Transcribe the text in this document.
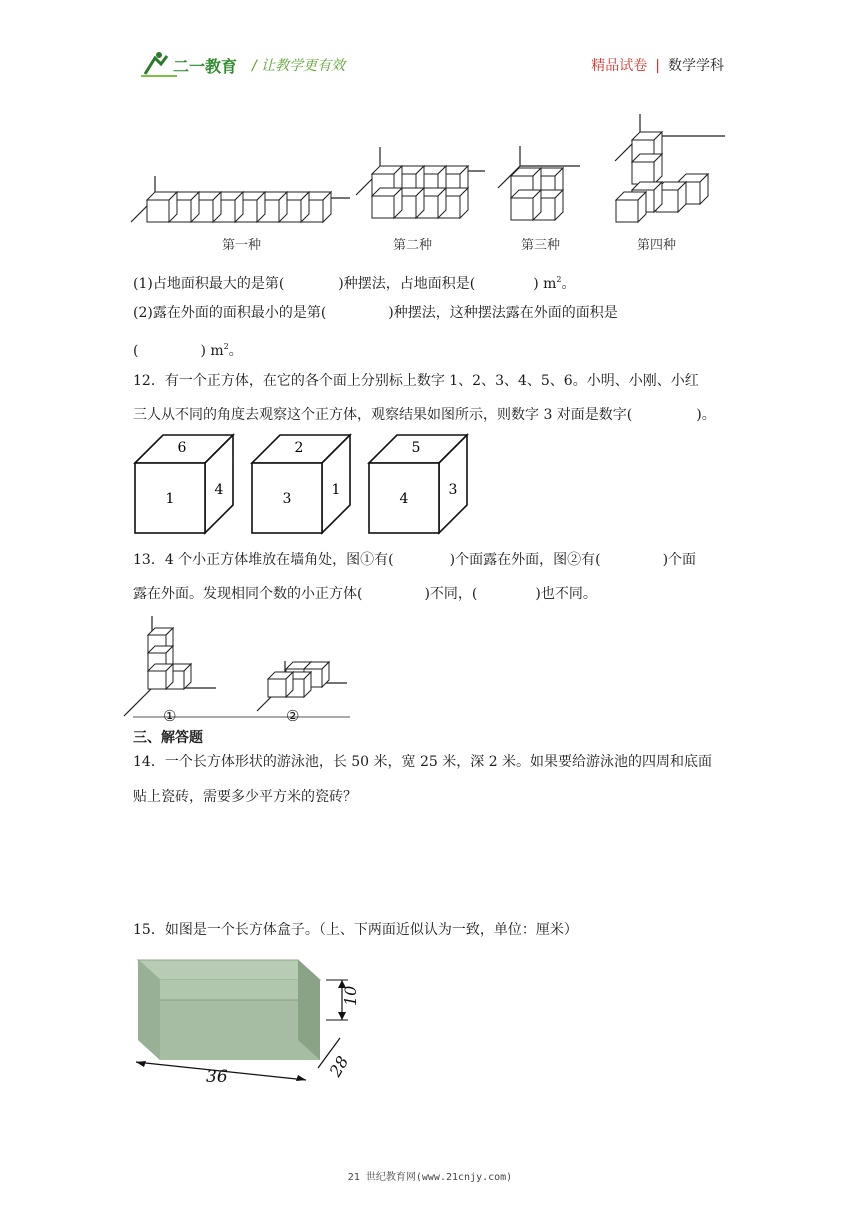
二一教育 / 让教学更有效	精品试卷 | 数学学科
第一种	第二种	第三种	第四种
(1)占地面积最大的是第(	)种摆法，占地面积是(	) $m^2$。
(2)露在外面的面积最小的是第(	)种摆法，这种摆法露在外面的面积是
(	) $m^2$。
12．有一个正方体，在它的各个面上分别标上数字 1、2、3、4、5、6。小明、小刚、小红
三人从不同的角度去观察这个正方体，观察结果如图所示，则数字 3 对面是数字(	)。
6
1
4
2
3
1
5
4
3
13．4 个小正方体堆放在墙角处，图①有(	)个面露在外面，图②有(	)个面
露在外面。发现相同个数的小正方体(	)不同，(	)也不同。
①	②
三、解答题
14．一个长方体形状的游泳池，长 50 米，宽 25 米，深 2 米。如果要给游泳池的四周和底面
贴上瓷砖，需要多少平方米的瓷砖？
15．如图是一个长方体盒子。（上、下两面近似认为一致，单位：厘米）
36
10
28
21 世纪教育网(www.21cnjy.com)
